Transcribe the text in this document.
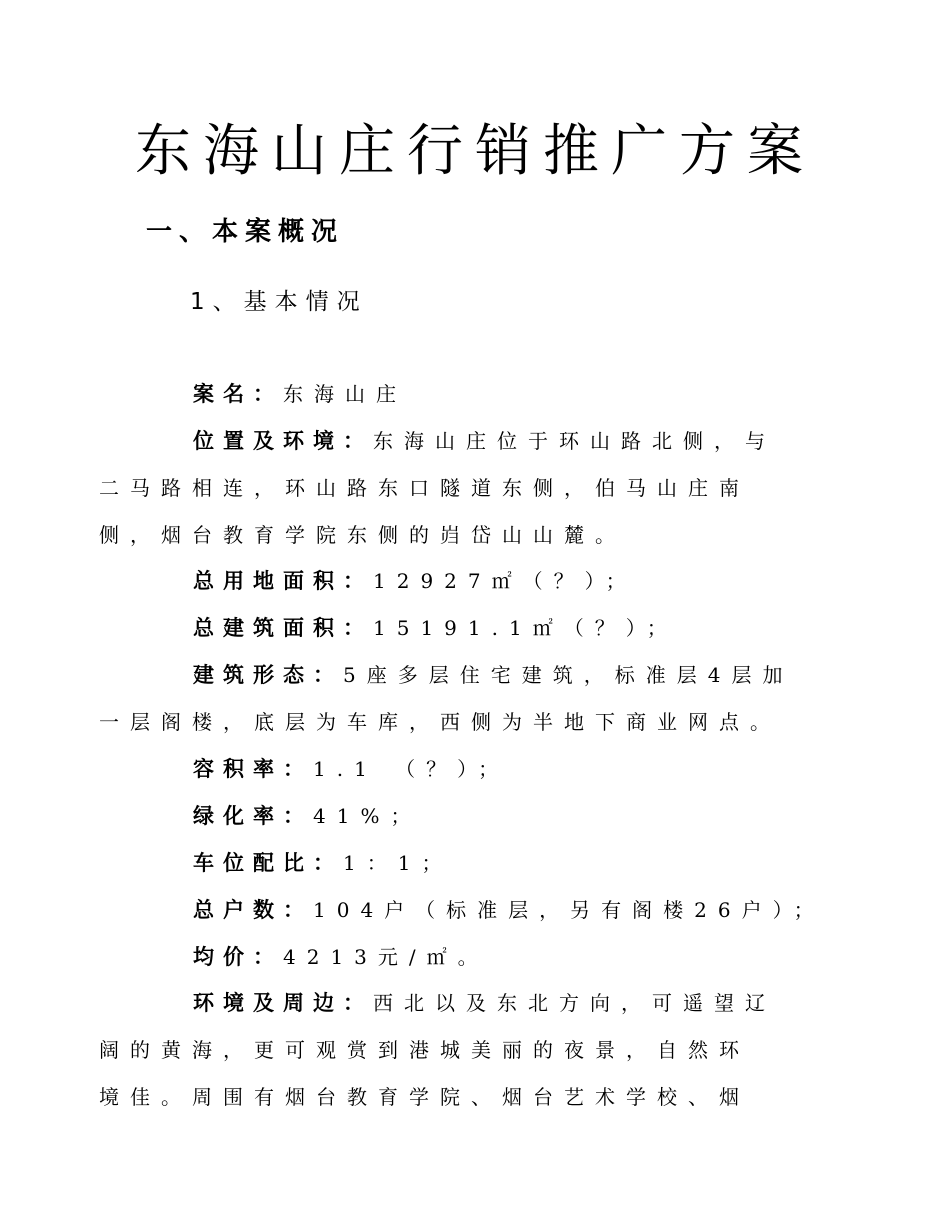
东海山庄行销推广方案
一、本案概况
1、基本情况
案名：东海山庄
位置及环境：东海山庄位于环山路北侧，与
二马路相连，环山路东口隧道东侧，伯马山庄南
侧，烟台教育学院东侧的岿岱山山麓。
总用地面积：12927㎡（？）；
总建筑面积：15191.1㎡（？）；
建筑形态：5座多层住宅建筑，标准层4层加
一层阁楼，底层为车库，西侧为半地下商业网点。
容积率：1.1 （？）；
绿化率：41%；
车位配比：1：1；
总户数：104户（标准层，另有阁楼26户）；
均价：4213元/㎡。
环境及周边：西北以及东北方向，可遥望辽
阔的黄海，更可观赏到港城美丽的夜景，自然环
境佳。周围有烟台教育学院、烟台艺术学校、烟
